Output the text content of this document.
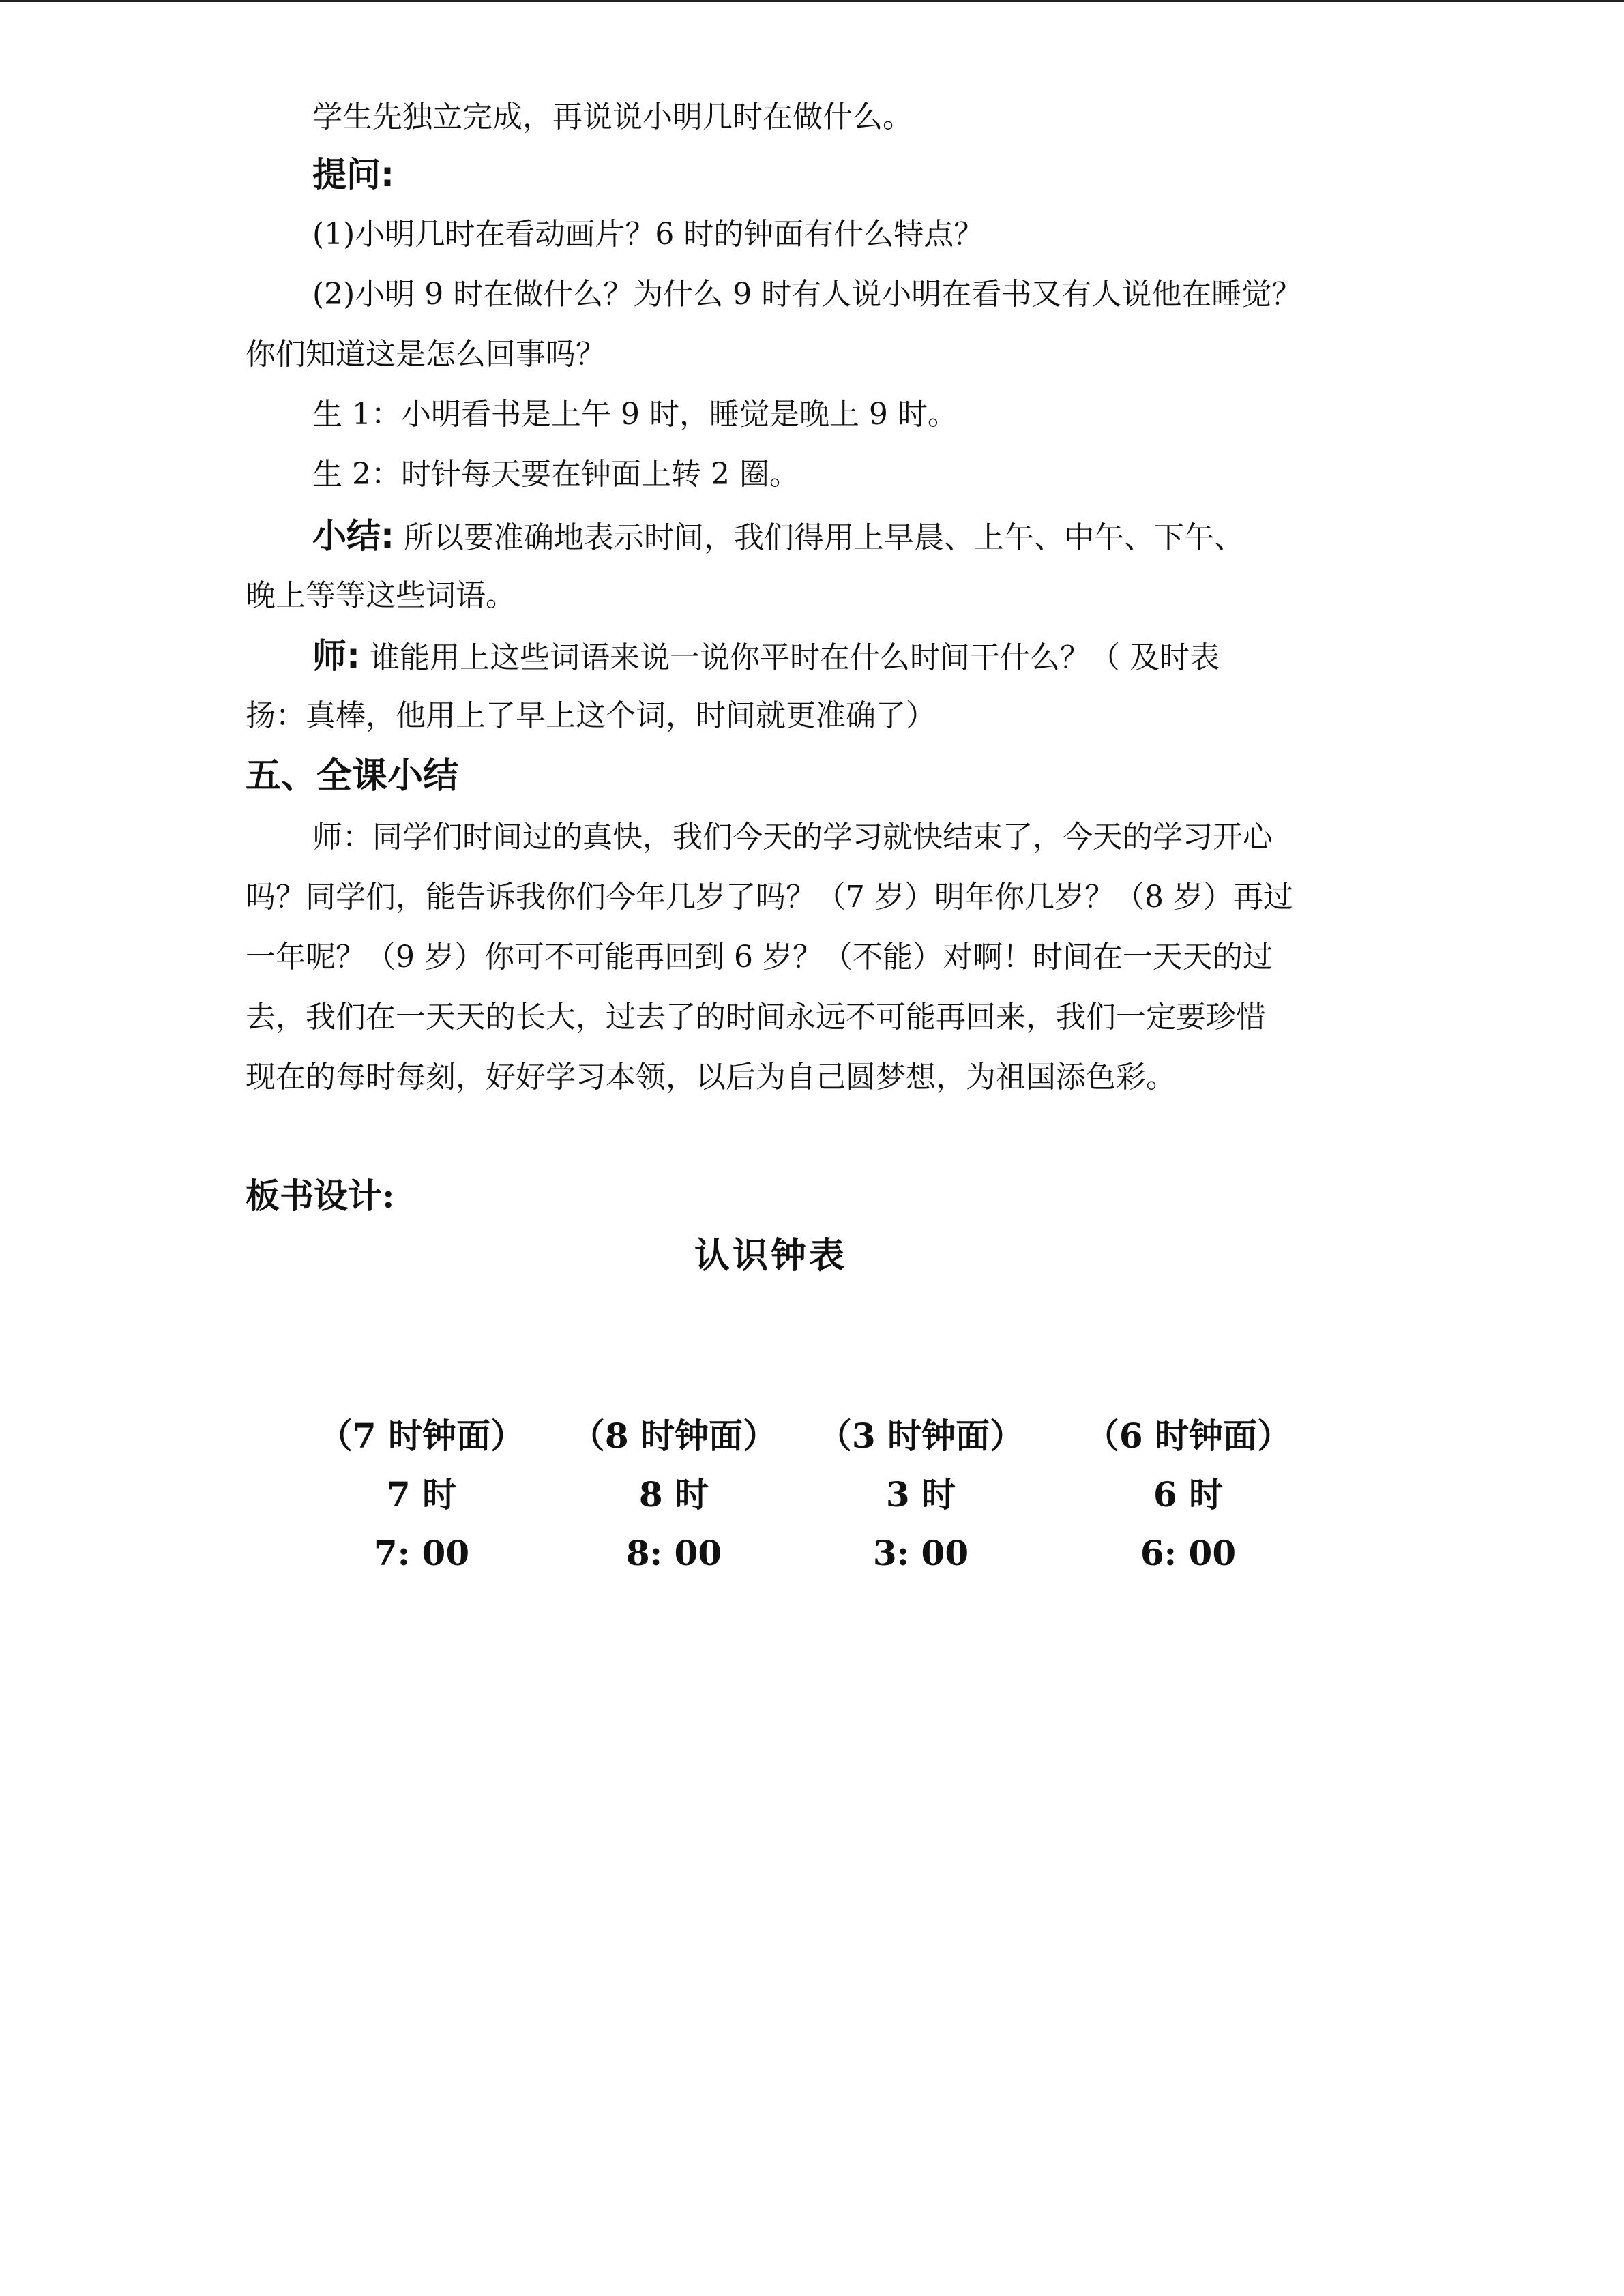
学生先独立完成，再说说小明几时在做什么。
提问:
(1)小明几时在看动画片？6 时的钟面有什么特点？
(2)小明 9 时在做什么？为什么 9 时有人说小明在看书又有人说他在睡觉？
你们知道这是怎么回事吗？
生 1：小明看书是上午 9 时，睡觉是晚上 9 时。
生 2：时针每天要在钟面上转 2 圈。
小结: 所以要准确地表示时间，我们得用上早晨、上午、中午、下午、
晚上等等这些词语。
师: 谁能用上这些词语来说一说你平时在什么时间干什么？（ 及时表
扬：真棒，他用上了早上这个词，时间就更准确了）
五、全课小结
师：同学们时间过的真快，我们今天的学习就快结束了，今天的学习开心
吗？同学们，能告诉我你们今年几岁了吗？（7 岁）明年你几岁？（8 岁）再过
一年呢？（9 岁）你可不可能再回到 6 岁？（不能）对啊！时间在一天天的过
去，我们在一天天的长大，过去了的时间永远不可能再回来，我们一定要珍惜
现在的每时每刻，好好学习本领，以后为自己圆梦想，为祖国添色彩。
板书设计:
认识钟表
（7 时钟面）
7 时
7: 00
（8 时钟面）
8 时
8: 00
（3 时钟面）
3 时
3: 00
（6 时钟面）
6 时
6: 00
